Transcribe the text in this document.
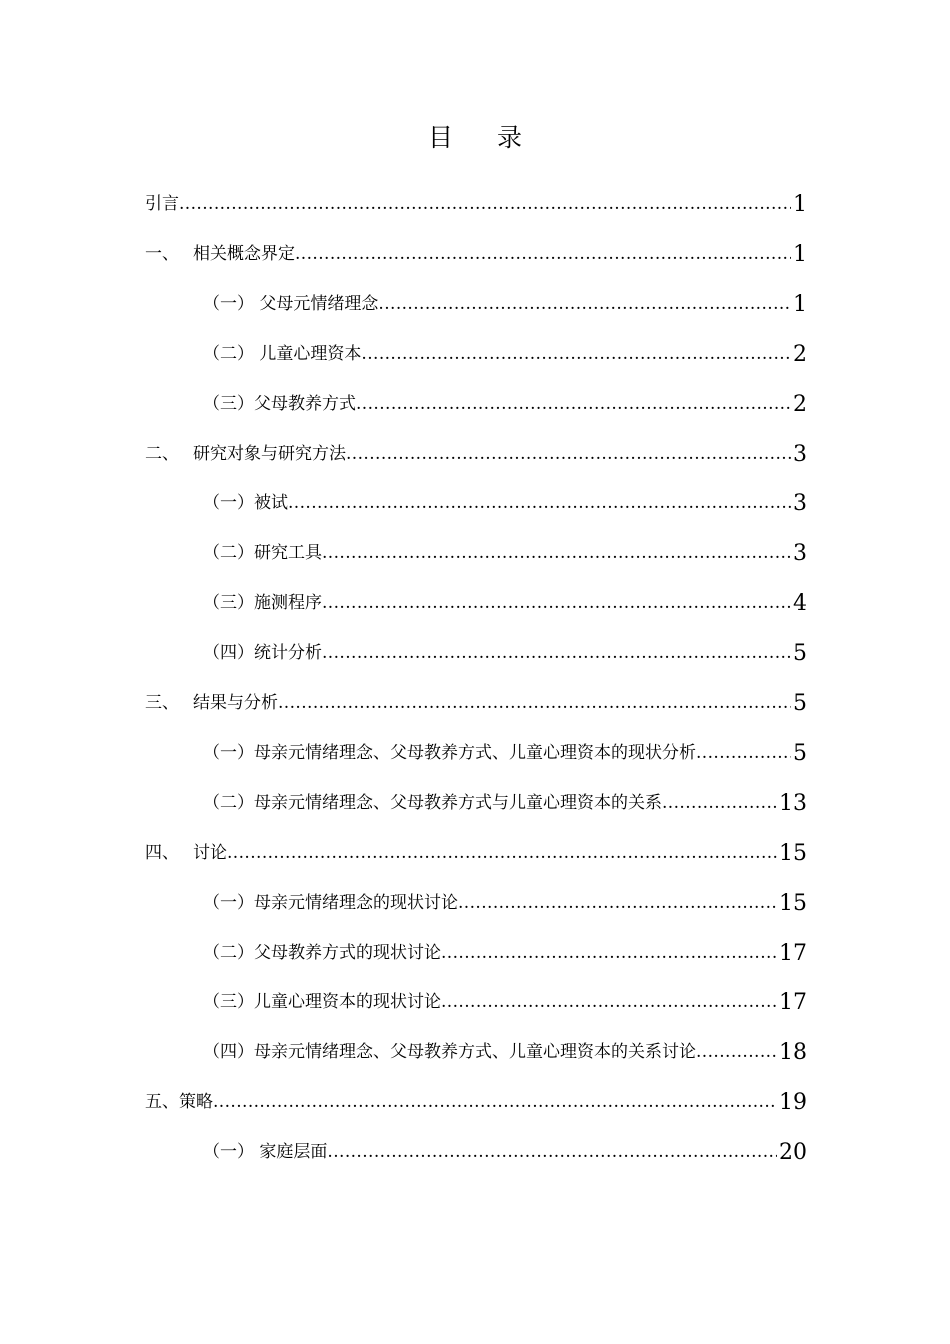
目 录
引言 .....	1
一、 相关概念界定 .....	1
（一） 父母元情绪理念 .....	1
（二） 儿童心理资本 .....	2
（三）父母教养方式 .....	2
二、 研究对象与研究方法 .....	3
（一）被试 .....	3
（二）研究工具 .....	3
（三）施测程序 .....	4
（四）统计分析 .....	5
三、 结果与分析 .....	5
（一）母亲元情绪理念、父母教养方式、儿童心理资本的现状分析 .....	5
（二）母亲元情绪理念、父母教养方式与儿童心理资本的关系 .....	13
四、 讨论 .....	15
（一）母亲元情绪理念的现状讨论 .....	15
（二）父母教养方式的现状讨论 .....	17
（三）儿童心理资本的现状讨论 .....	17
（四）母亲元情绪理念、父母教养方式、儿童心理资本的关系讨论 .....	18
五、策略 .....	19
（一） 家庭层面 .....	20
